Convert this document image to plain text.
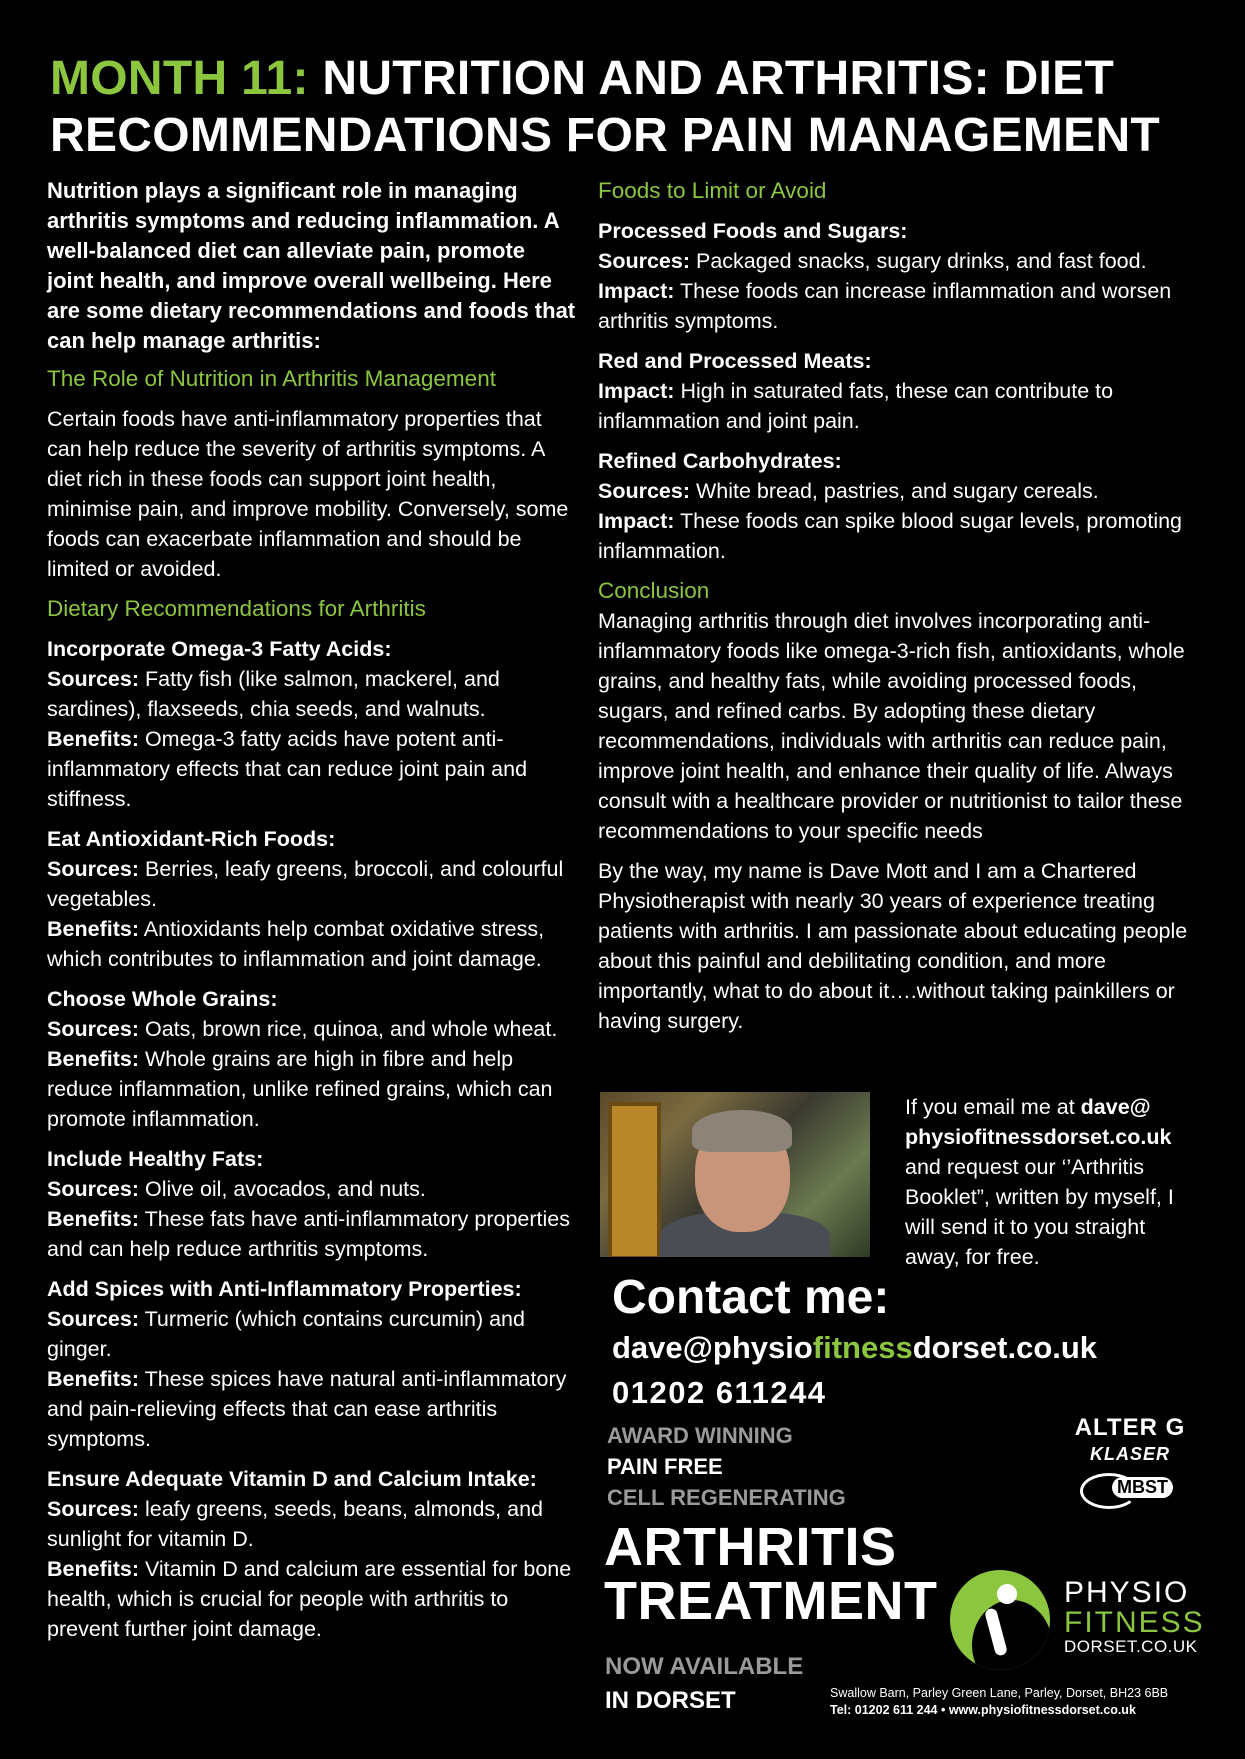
MONTH 11: NUTRITION AND ARTHRITIS: DIET RECOMMENDATIONS FOR PAIN MANAGEMENT

Nutrition plays a significant role in managing arthritis symptoms and reducing inflammation. A well-balanced diet can alleviate pain, promote joint health, and improve overall wellbeing. Here are some dietary recommendations and foods that can help manage arthritis:

The Role of Nutrition in Arthritis Management

Certain foods have anti-inflammatory properties that can help reduce the severity of arthritis symptoms. A diet rich in these foods can support joint health, minimise pain, and improve mobility. Conversely, some foods can exacerbate inflammation and should be limited or avoided.

Dietary Recommendations for Arthritis
Incorporate Omega-3 Fatty Acids:
Sources: Fatty fish (like salmon, mackerel, and sardines), flaxseeds, chia seeds, and walnuts.
Benefits: Omega-3 fatty acids have potent anti-inflammatory effects that can reduce joint pain and stiffness.
Eat Antioxidant-Rich Foods:
Sources: Berries, leafy greens, broccoli, and colourful vegetables.
Benefits: Antioxidants help combat oxidative stress, which contributes to inflammation and joint damage.
Choose Whole Grains:
Sources: Oats, brown rice, quinoa, and whole wheat.
Benefits: Whole grains are high in fibre and help reduce inflammation, unlike refined grains, which can promote inflammation.
Include Healthy Fats:
Sources: Olive oil, avocados, and nuts.
Benefits: These fats have anti-inflammatory properties and can help reduce arthritis symptoms.
Add Spices with Anti-Inflammatory Properties:
Sources: Turmeric (which contains curcumin) and ginger.
Benefits: These spices have natural anti-inflammatory and pain-relieving effects that can ease arthritis symptoms.
Ensure Adequate Vitamin D and Calcium Intake:
Sources: leafy greens, seeds, beans, almonds, and sunlight for vitamin D.
Benefits: Vitamin D and calcium are essential for bone health, which is crucial for people with arthritis to prevent further joint damage.
Foods to Limit or Avoid
Processed Foods and Sugars:
Sources: Packaged snacks, sugary drinks, and fast food.
Impact: These foods can increase inflammation and worsen arthritis symptoms.
Red and Processed Meats:
Impact: High in saturated fats, these can contribute to inflammation and joint pain.
Refined Carbohydrates:
Sources: White bread, pastries, and sugary cereals.
Impact: These foods can spike blood sugar levels, promoting inflammation.
Conclusion

Managing arthritis through diet involves incorporating anti-inflammatory foods like omega-3-rich fish, antioxidants, whole grains, and healthy fats, while avoiding processed foods, sugars, and refined carbs. By adopting these dietary recommendations, individuals with arthritis can reduce pain, improve joint health, and enhance their quality of life. Always consult with a healthcare provider or nutritionist to tailor these recommendations to your specific needs

By the way, my name is Dave Mott and I am a Chartered Physiotherapist with nearly 30 years of experience treating patients with arthritis. I am passionate about educating people about this painful and debilitating condition, and more importantly, what to do about it….without taking painkillers or having surgery.

If you email me at dave@ physiofitnessdorset.co.uk and request our ‘’Arthritis Booklet”, written by myself, I will send it to you straight away, for free.
Contact me:
dave@physiofitnessdorset.co.uk
01202 611244
AWARD WINNING
PAIN FREE
CELL REGENERATING
ALTER G
KLASER
MBST
ARTHRITIS
TREATMENT
NOW AVAILABLE
IN DORSET
PHYSIO
FITNESS
DORSET.CO.UK
Swallow Barn, Parley Green Lane, Parley, Dorset, BH23 6BB
Tel: 01202 611 244 • www.physiofitnessdorset.co.uk
